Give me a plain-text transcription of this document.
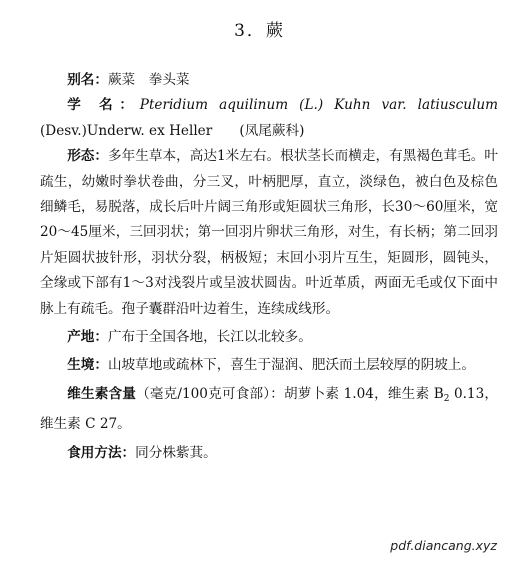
3．蕨

别名：蕨菜　拳头菜

学 名：Pteridium aquilinum (L.) Kuhn var. latiusculum (Desv.)Underw. ex Heller　　(凤尾蕨科)

形态：多年生草本，高达1米左右。根状茎长而横走，有黑褐色茸毛。叶疏生，幼嫩时拳状卷曲，分三叉，叶柄肥厚，直立，淡绿色，被白色及棕色细鳞毛，易脱落，成长后叶片阔三角形或矩圆状三角形，长30～60厘米，宽20～45厘米，三回羽状；第一回羽片卵状三角形，对生，有长柄；第二回羽片矩圆状披针形，羽状分裂，柄极短；末回小羽片互生，矩圆形，圆钝头，全缘或下部有1～3对浅裂片或呈波状圆齿。叶近革质，两面无毛或仅下面中脉上有疏毛。孢子囊群沿叶边着生，连续成线形。

产地：广布于全国各地，长江以北较多。

生境：山坡草地或疏林下，喜生于湿润、肥沃而土层较厚的阴坡上。

维生素含量（毫克/100克可食部）：胡萝卜素 1.04，维生素 $B_2$ 0.13，维生素 C 27。

食用方法：同分株紫萁。

pdf.diancang.xyz
